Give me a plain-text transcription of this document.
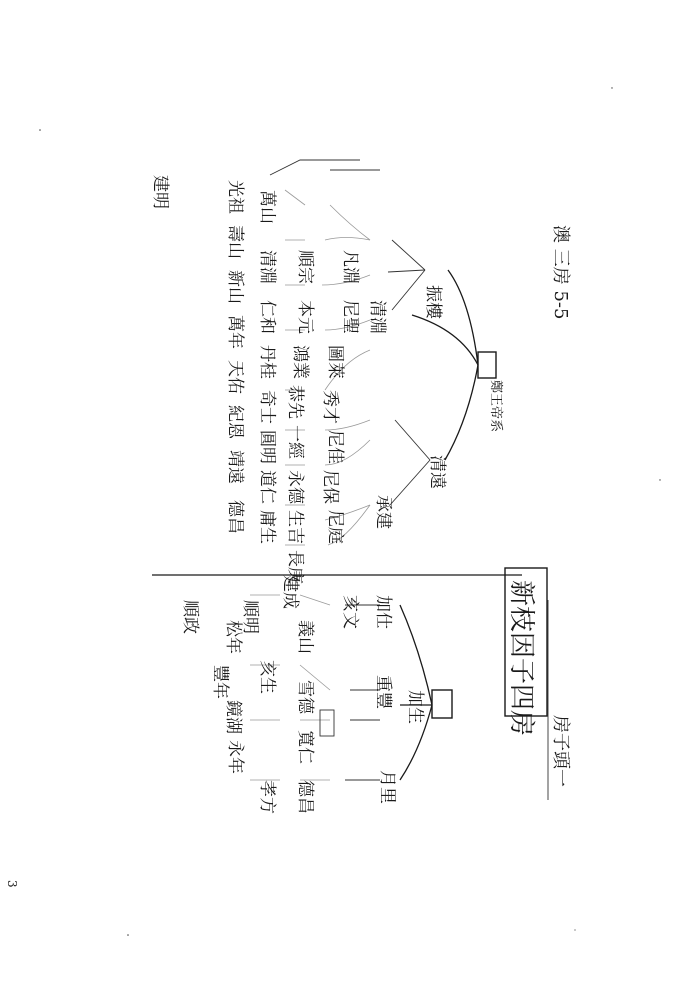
振樓
清遠
承建
建明
清淵
凡淵
尼聖
圖萊
秀才
尼佳
尼保
尼庭
順宗
本元
鴻業
恭先
一經
永德
生吉
長庚
萬山
清淵
仁和
丹桂
奇士
圓明
道仁
庸生
光祖
壽山
新山
萬年
天佑
紀恩
靖遠
德昌
鄭王帝系
澳 三房 5-5
月里
重豐 加生
加仕
亥文
義山
建成
順明
松年
雪德
寬仁
豐年
鏡湖
亥生
永年
德昌
孝方
順政	新枝因子四房
房子頭一
3
